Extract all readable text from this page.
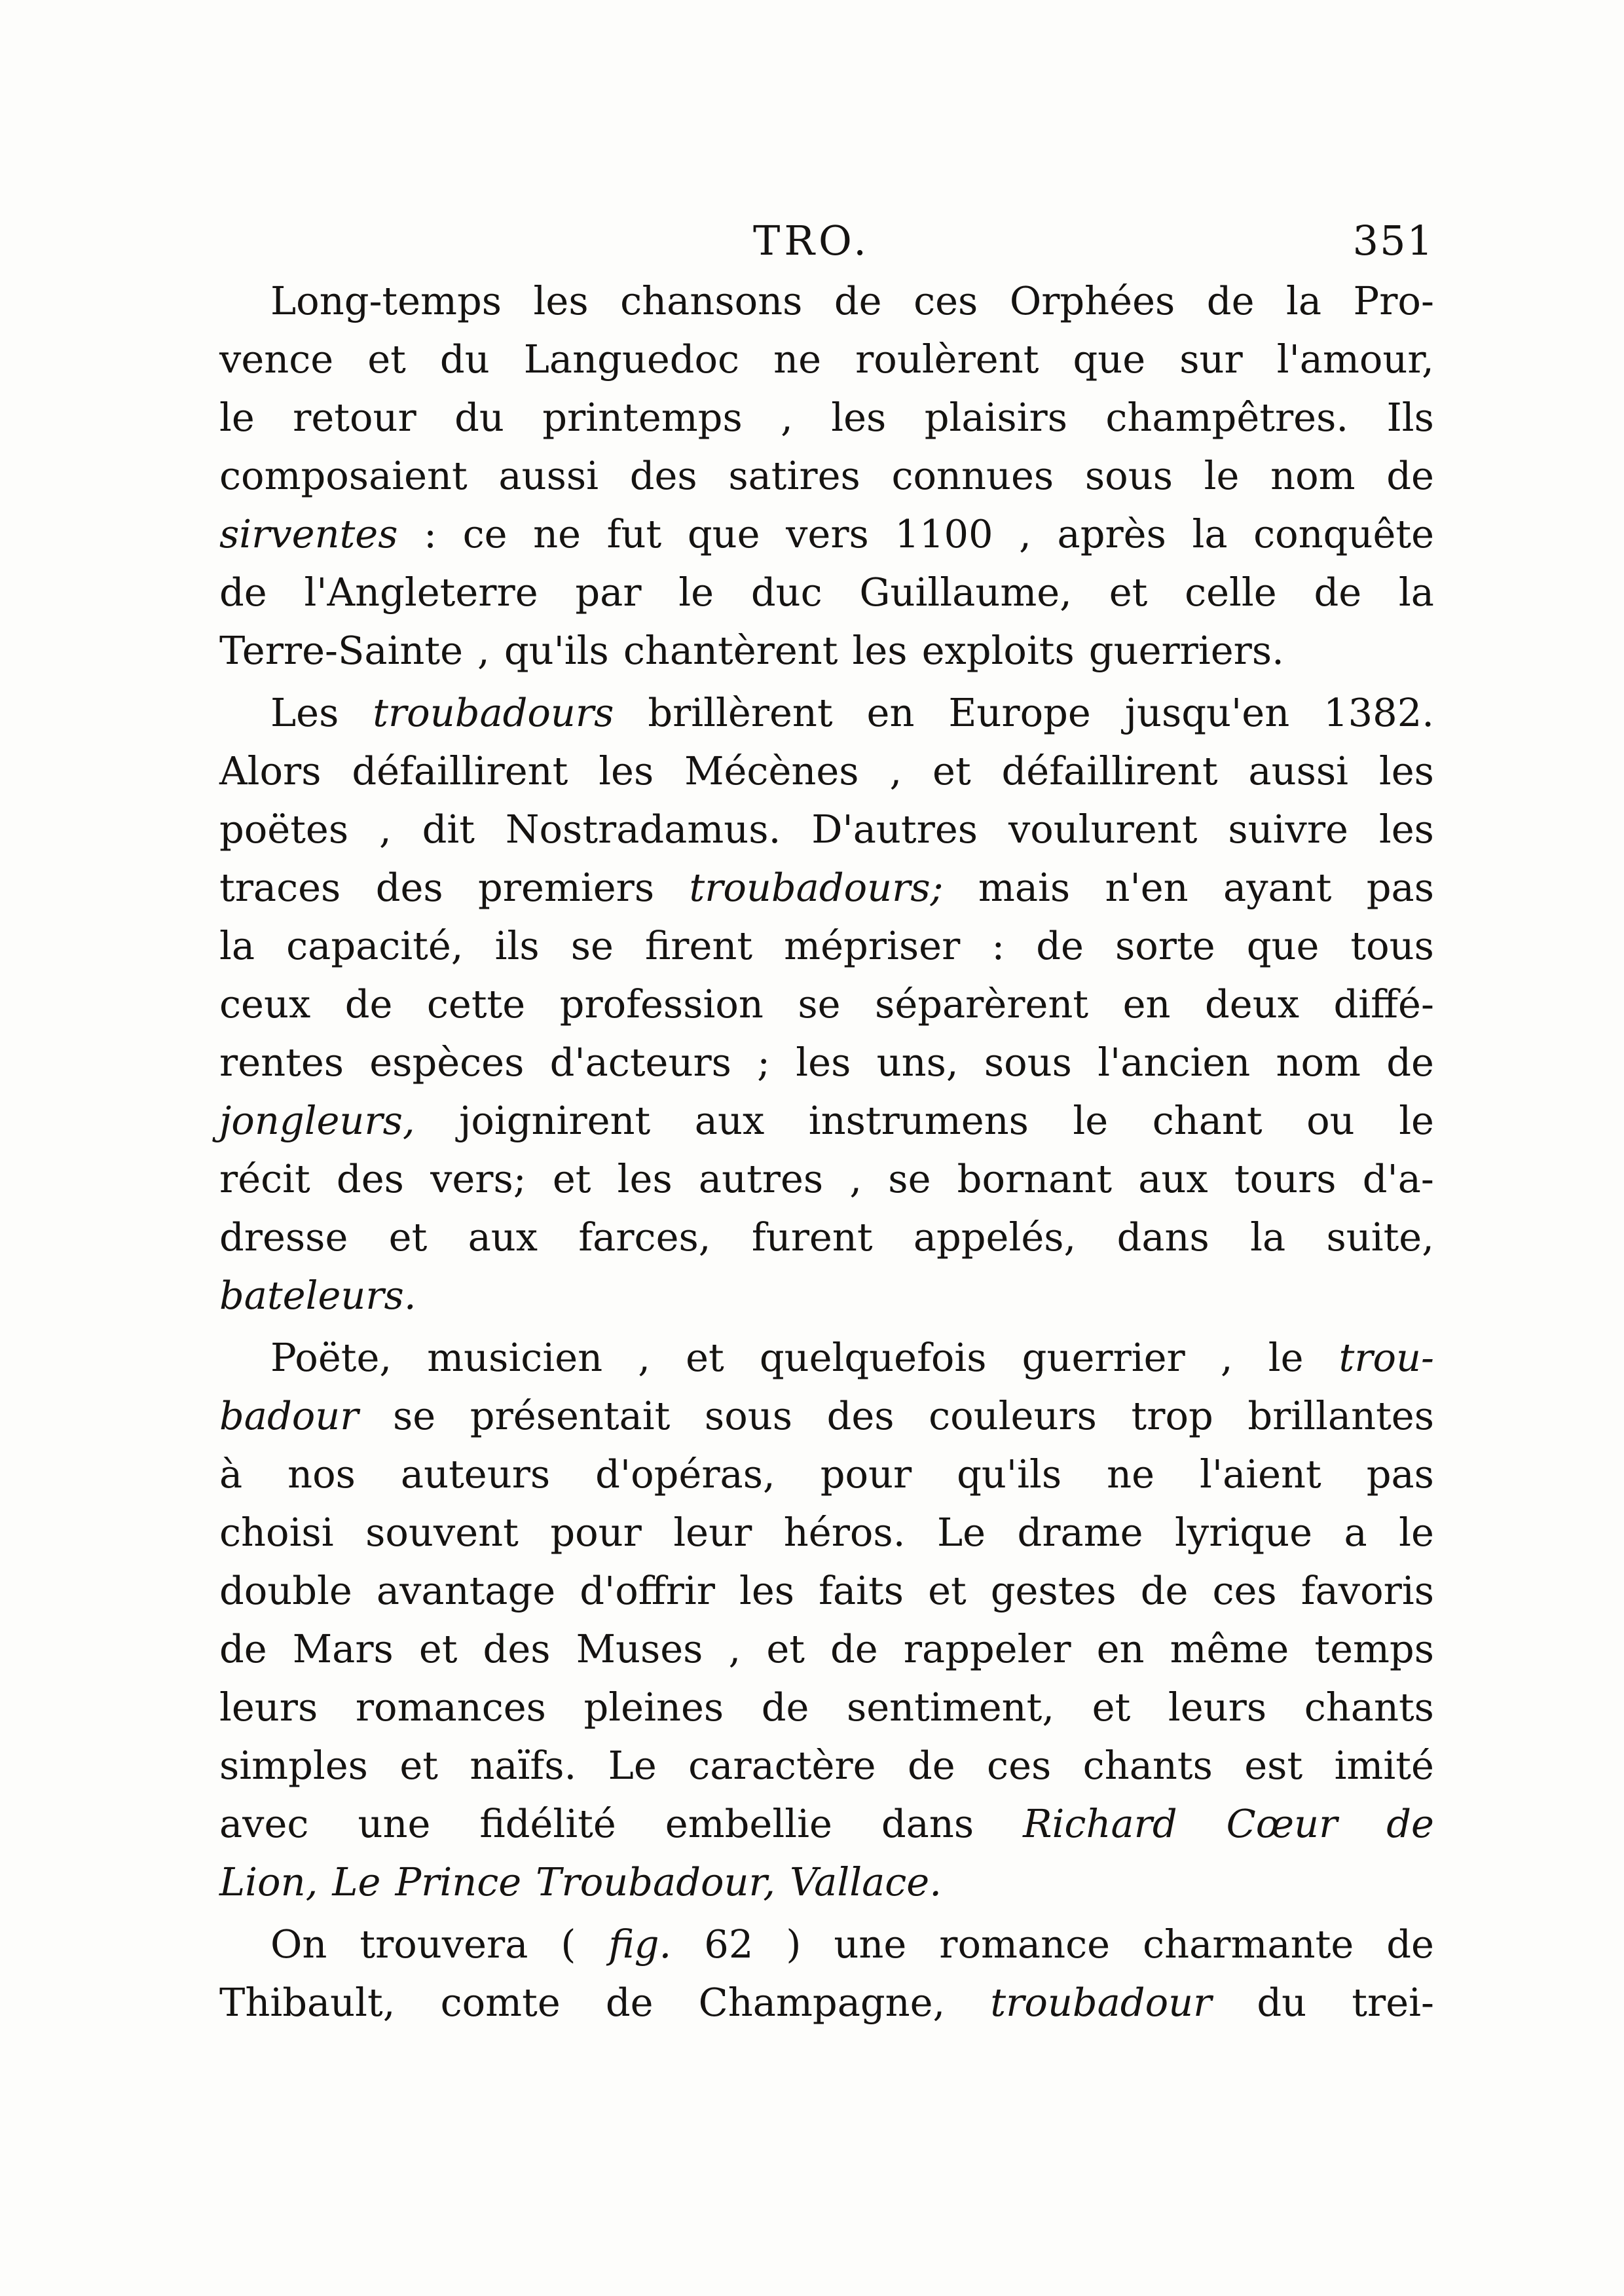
TRO.	351
Long-temps les chansons de ces Orphées de la Pro-
vence et du Languedoc ne roulèrent que sur l'amour,
le retour du printemps , les plaisirs champêtres. Ils
composaient aussi des satires connues sous le nom de
sirventes : ce ne fut que vers 1100 , après la conquête
de l'Angleterre par le duc Guillaume, et celle de la
Terre-Sainte , qu'ils chantèrent les exploits guerriers.
Les troubadours brillèrent en Europe jusqu'en 1382.
Alors défaillirent les Mécènes , et défaillirent aussi les
poëtes , dit Nostradamus. D'autres voulurent suivre les
traces des premiers troubadours; mais n'en ayant pas
la capacité, ils se firent mépriser : de sorte que tous
ceux de cette profession se séparèrent en deux diffé-
rentes espèces d'acteurs ; les uns, sous l'ancien nom de
jongleurs, joignirent aux instrumens le chant ou le
récit des vers; et les autres , se bornant aux tours d'a-
dresse et aux farces, furent appelés, dans la suite,
bateleurs.
Poëte, musicien , et quelquefois guerrier , le trou-
badour se présentait sous des couleurs trop brillantes
à nos auteurs d'opéras, pour qu'ils ne l'aient pas
choisi souvent pour leur héros. Le drame lyrique a le
double avantage d'offrir les faits et gestes de ces favoris
de Mars et des Muses , et de rappeler en même temps
leurs romances pleines de sentiment, et leurs chants
simples et naïfs. Le caractère de ces chants est imité
avec une fidélité embellie dans Richard Cœur de
Lion, Le Prince Troubadour, Vallace.
On trouvera ( fig. 62 ) une romance charmante de
Thibault, comte de Champagne, troubadour du trei-
